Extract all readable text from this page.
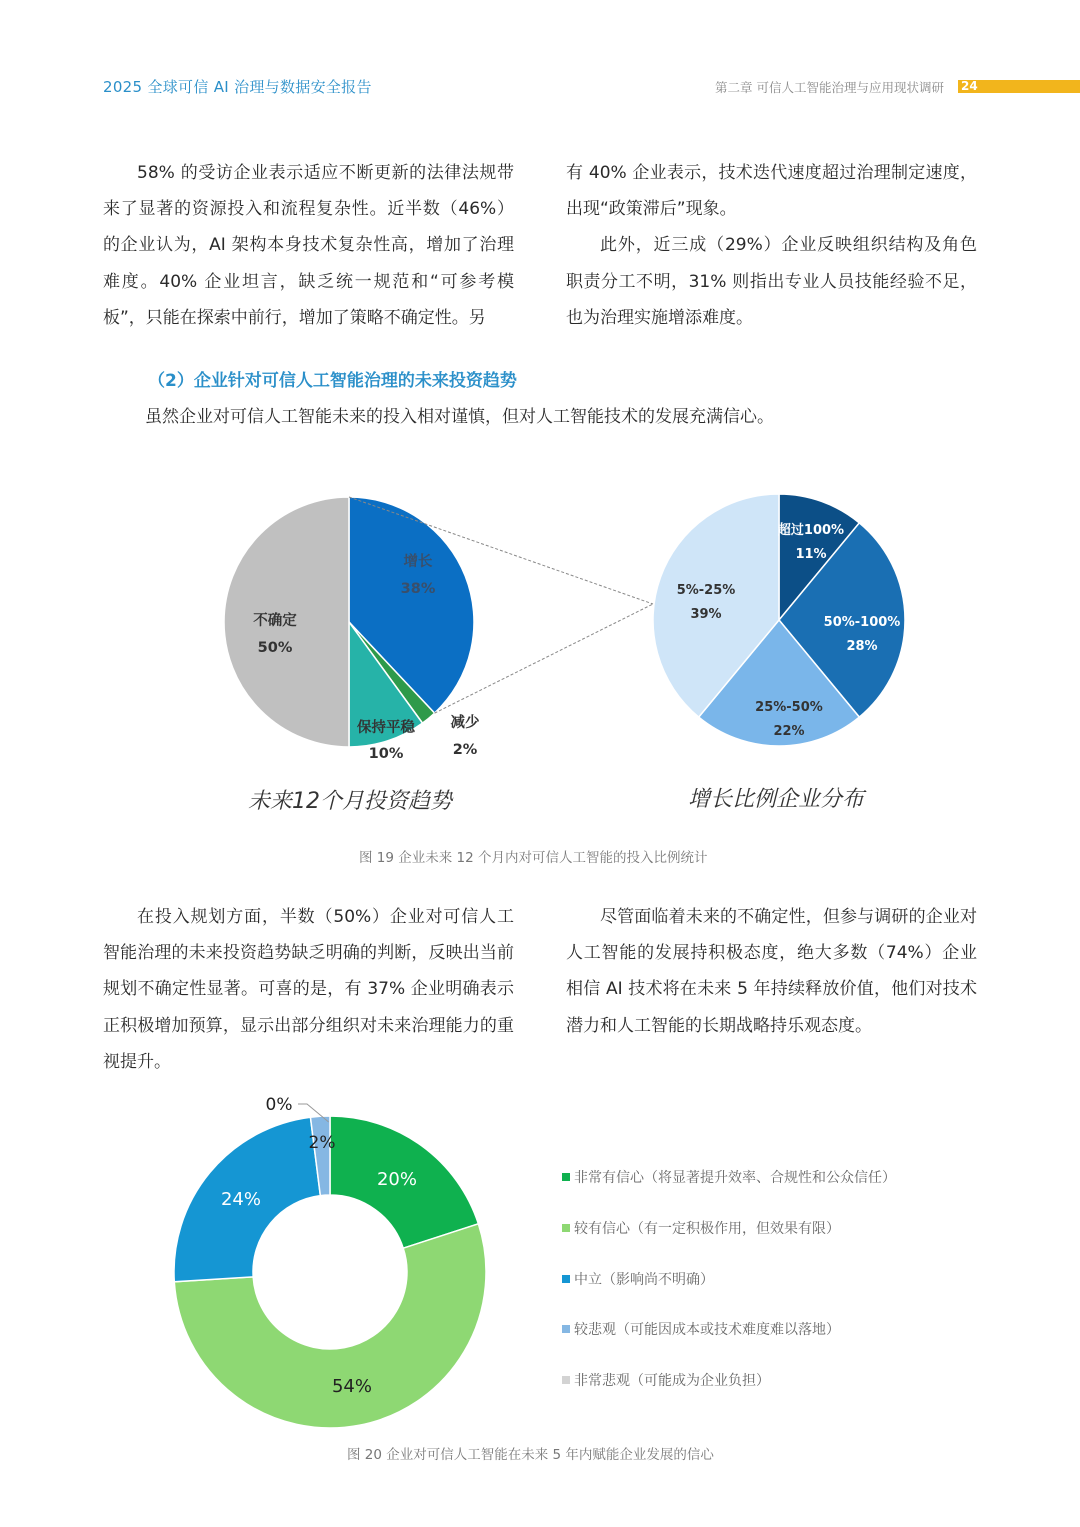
2025 全球可信 AI 治理与数据安全报告	第二章 可信人工智能治理与应用现状调研 24

58% 的受访企业表示适应不断更新的法律法规带来了显著的资源投入和流程复杂性。近半数（46%）的企业认为，AI 架构本身技术复杂性高，增加了治理难度。40% 企业坦言，缺乏统一规范和“可参考模板”，只能在探索中前行，增加了策略不确定性。另

有 40% 企业表示，技术迭代速度超过治理制定速度，出现“政策滞后”现象。

此外，近三成（29%）企业反映组织结构及角色职责分工不明，31% 则指出专业人员技能经验不足，也为治理实施增添难度。

（2）企业针对可信人工智能治理的未来投资趋势
虽然企业对可信人工智能未来的投入相对谨慎，但对人工智能技术的发展充满信心。
增长
38%
减少
2%
保持平稳
10%
不确定
50%
超过100%
11%
50%-100%
28%
25%-50%
22%
5%-25%
39%
未来12个月投资趋势	增长比例企业分布
图 19 企业未来 12 个月内对可信人工智能的投入比例统计

在投入规划方面，半数（50%）企业对可信人工智能治理的未来投资趋势缺乏明确的判断，反映出当前规划不确定性显著。可喜的是，有 37% 企业明确表示正积极增加预算，显示出部分组织对未来治理能力的重视提升。

尽管面临着未来的不确定性，但参与调研的企业对人工智能的发展持积极态度，绝大多数（74%）企业相信 AI 技术将在未来 5 年持续释放价值，他们对技术潜力和人工智能的长期战略持乐观态度。

20%
54%
24%
2%
0%
非常有信心（将显著提升效率、合规性和公众信任）
较有信心（有一定积极作用，但效果有限）
中立（影响尚不明确）
较悲观（可能因成本或技术难度难以落地）
非常悲观（可能成为企业负担）
图 20 企业对可信人工智能在未来 5 年内赋能企业发展的信心
